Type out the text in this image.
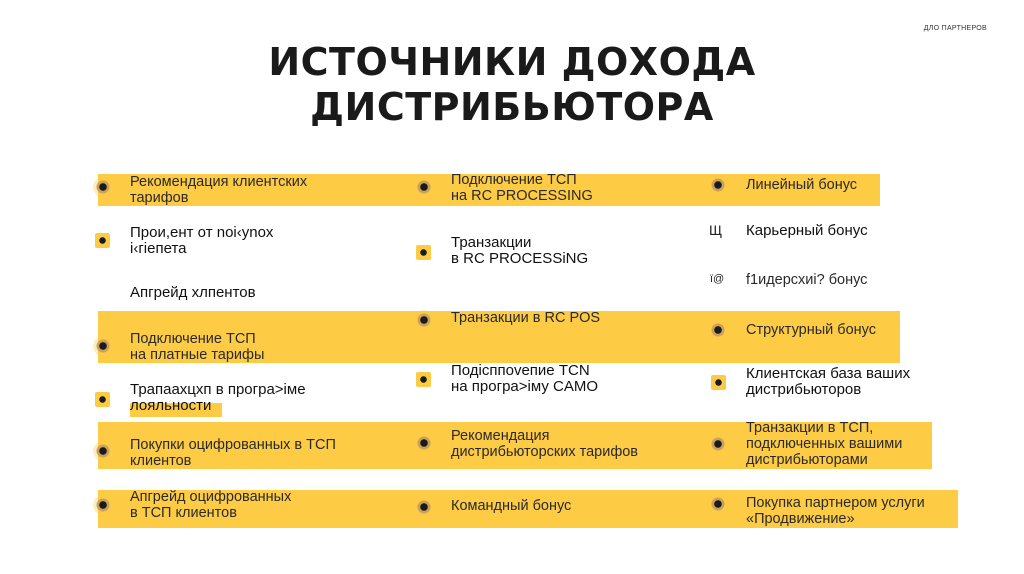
ДЛО ПАРТНЕРОВ
ИСТОЧНИКИ ДОХОДА
ДИСТРИБЬЮТОРА
Рекомендация клиентских
тарифов
Прои,ент от noi‹ynox
i‹гiепета
Апгрейд хлпентов
Подключение ТСП
на платные тарифы
Трапаахцхп в програ>iме
лояльности
Покупки оцифрованных в ТСП
клиентов
Апгрейд оцифрованных
в ТСП клиентов
Подключение ТСП
на RC PROCESSING
Транзакции
в RC PROCESSiNG
Транзакции в RC POS
Подiсппоveпие TCN
на програ>iму CAMO
Рекомендация
дистрибьюторских тарифов
Командный бонус
Линейный бонус
Щ Карьерный бонус
ї@ f1идерсхиі? бонус
Структурный бонус
Клиентская база ваших
дистрибьюторов
Транзакции в ТСП,
подключенных вашими
дистрибьюторами
Покупка партнером услуги
«Продвижение»
